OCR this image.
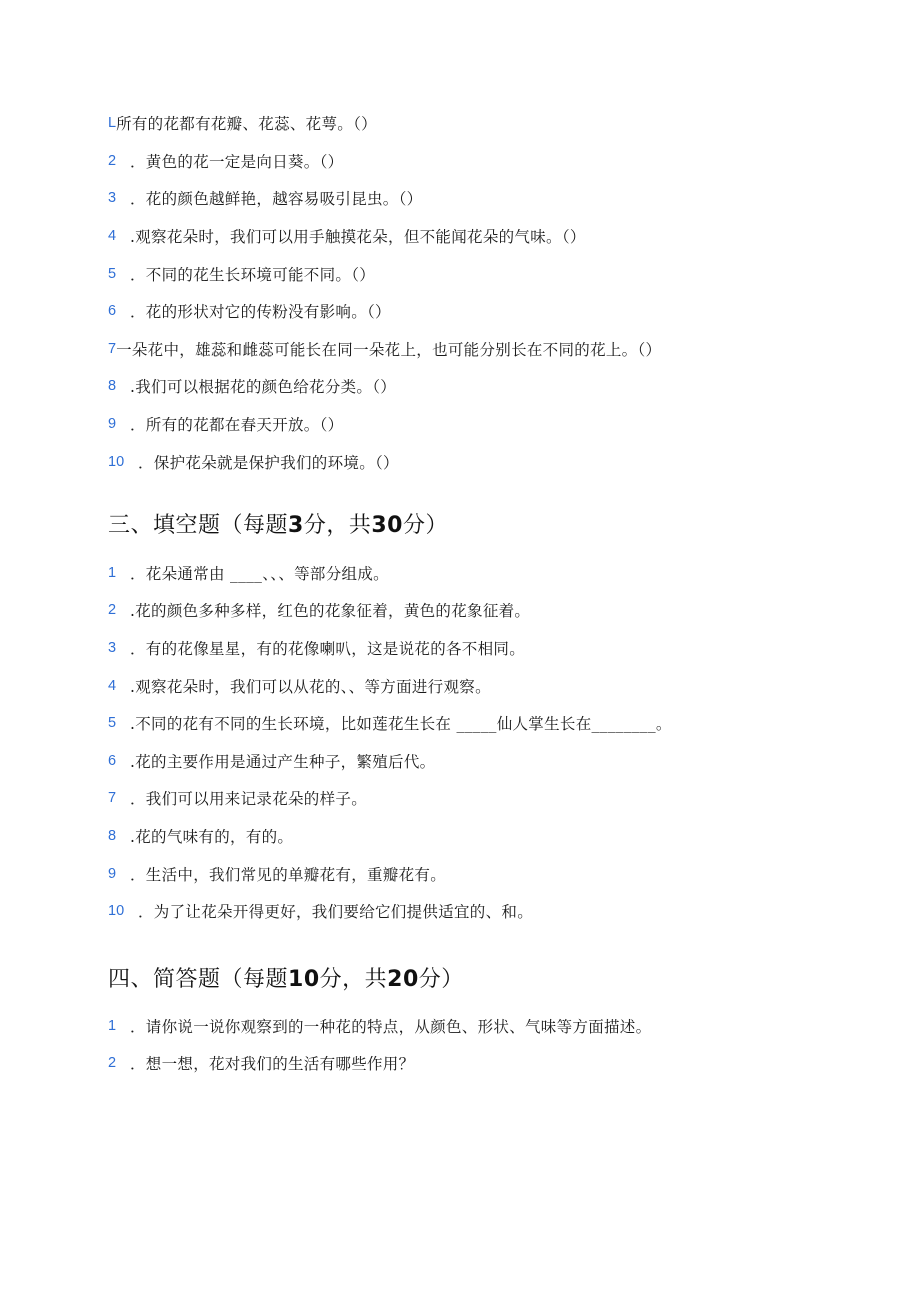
L 所有的花都有花瓣、花蕊、花萼。（）
2 ．黄色的花一定是向日葵。（）
3 ．花的颜色越鲜艳，越容易吸引昆虫。（）
4 .观察花朵时，我们可以用手触摸花朵，但不能闻花朵的气味。（）
5 ．不同的花生长环境可能不同。（）
6 ．花的形状对它的传粉没有影响。（）
7 一朵花中，雄蕊和雌蕊可能长在同一朵花上，也可能分别长在不同的花上。（）
8 .我们可以根据花的颜色给花分类。（）
9 ．所有的花都在春天开放。（）
10 ．保护花朵就是保护我们的环境。（）
三、填空题（每题3分，共30分）
1 ．花朵通常由 ____、、、等部分组成。
2 .花的颜色多种多样，红色的花象征着，黄色的花象征着。
3 ．有的花像星星，有的花像喇叭，这是说花的各不相同。
4 .观察花朵时，我们可以从花的、、等方面进行观察。
5 .不同的花有不同的生长环境，比如莲花生长在 _____仙人掌生长在________。
6 .花的主要作用是通过产生种子，繁殖后代。
7 ．我们可以用来记录花朵的样子。
8 .花的气味有的，有的。
9 ．生活中，我们常见的单瓣花有，重瓣花有。
10 ．为了让花朵开得更好，我们要给它们提供适宜的、和。
四、简答题（每题10分，共20分）
1 ．请你说一说你观察到的一种花的特点，从颜色、形状、气味等方面描述。
2 ．想一想，花对我们的生活有哪些作用？
